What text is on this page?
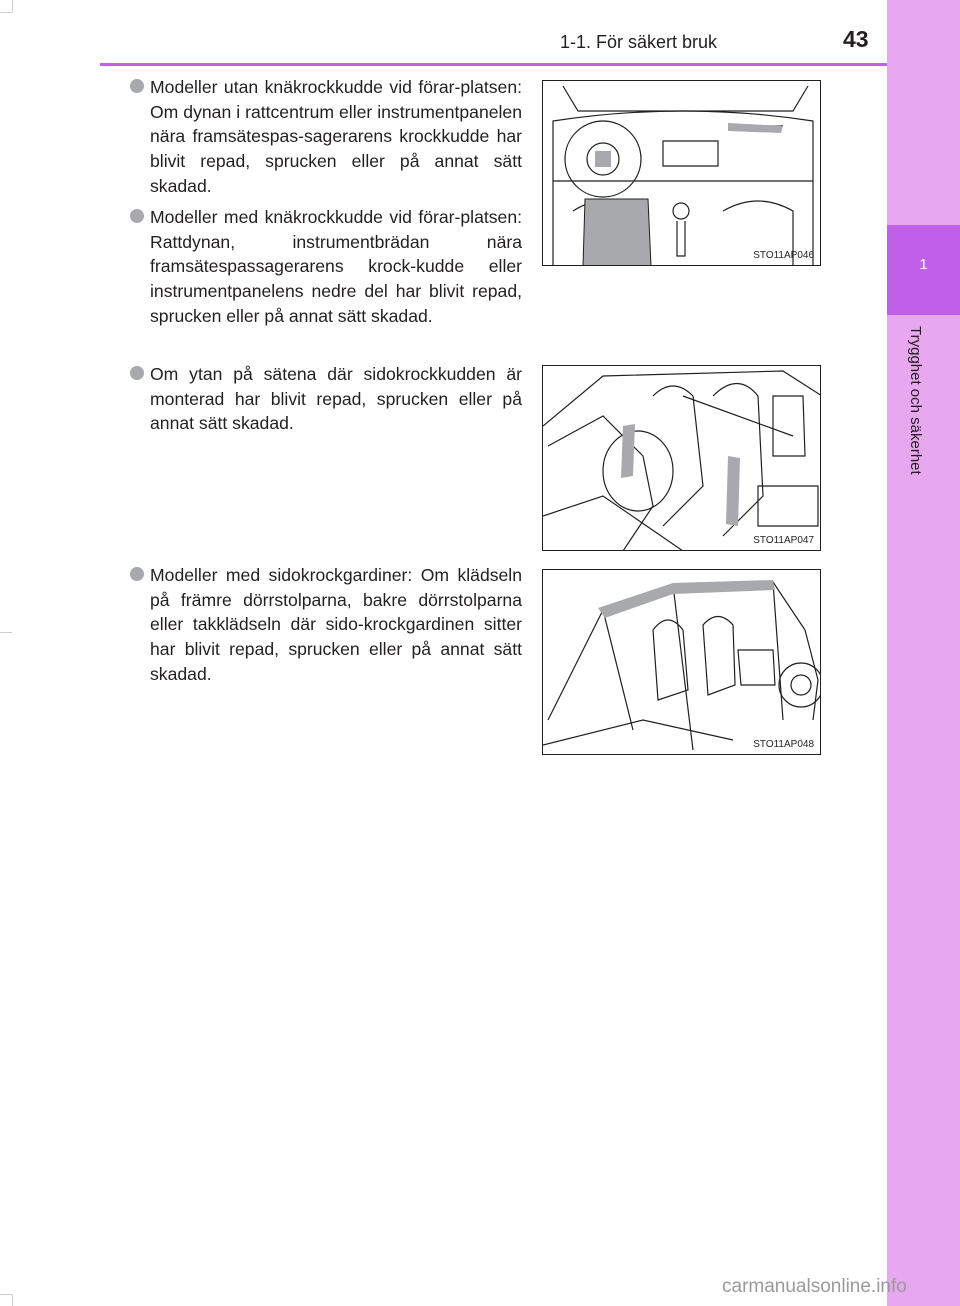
1
Trygghet och säkerhet
1-1. För säkert bruk	43
Modeller utan knäkrockkudde vid förar-platsen: Om dynan i rattcentrum eller instrumentpanelen nära framsätespas-sagerarens krockkudde har blivit repad, sprucken eller på annat sätt skadad.
Modeller med knäkrockkudde vid förar-platsen: Rattdynan, instrumentbrädan nära framsätespassagerarens krock-kudde eller instrumentpanelens nedre del har blivit repad, sprucken eller på annat sätt skadad.
Om ytan på sätena där sidokrockkudden är monterad har blivit repad, sprucken eller på annat sätt skadad.
Modeller med sidokrockgardiner: Om klädseln på främre dörrstolparna, bakre dörrstolparna eller takklädseln där sido-krockgardinen sitter har blivit repad, sprucken eller på annat sätt skadad.
STO11AP046
STO11AP047
STO11AP048
carmanualsonline.info
